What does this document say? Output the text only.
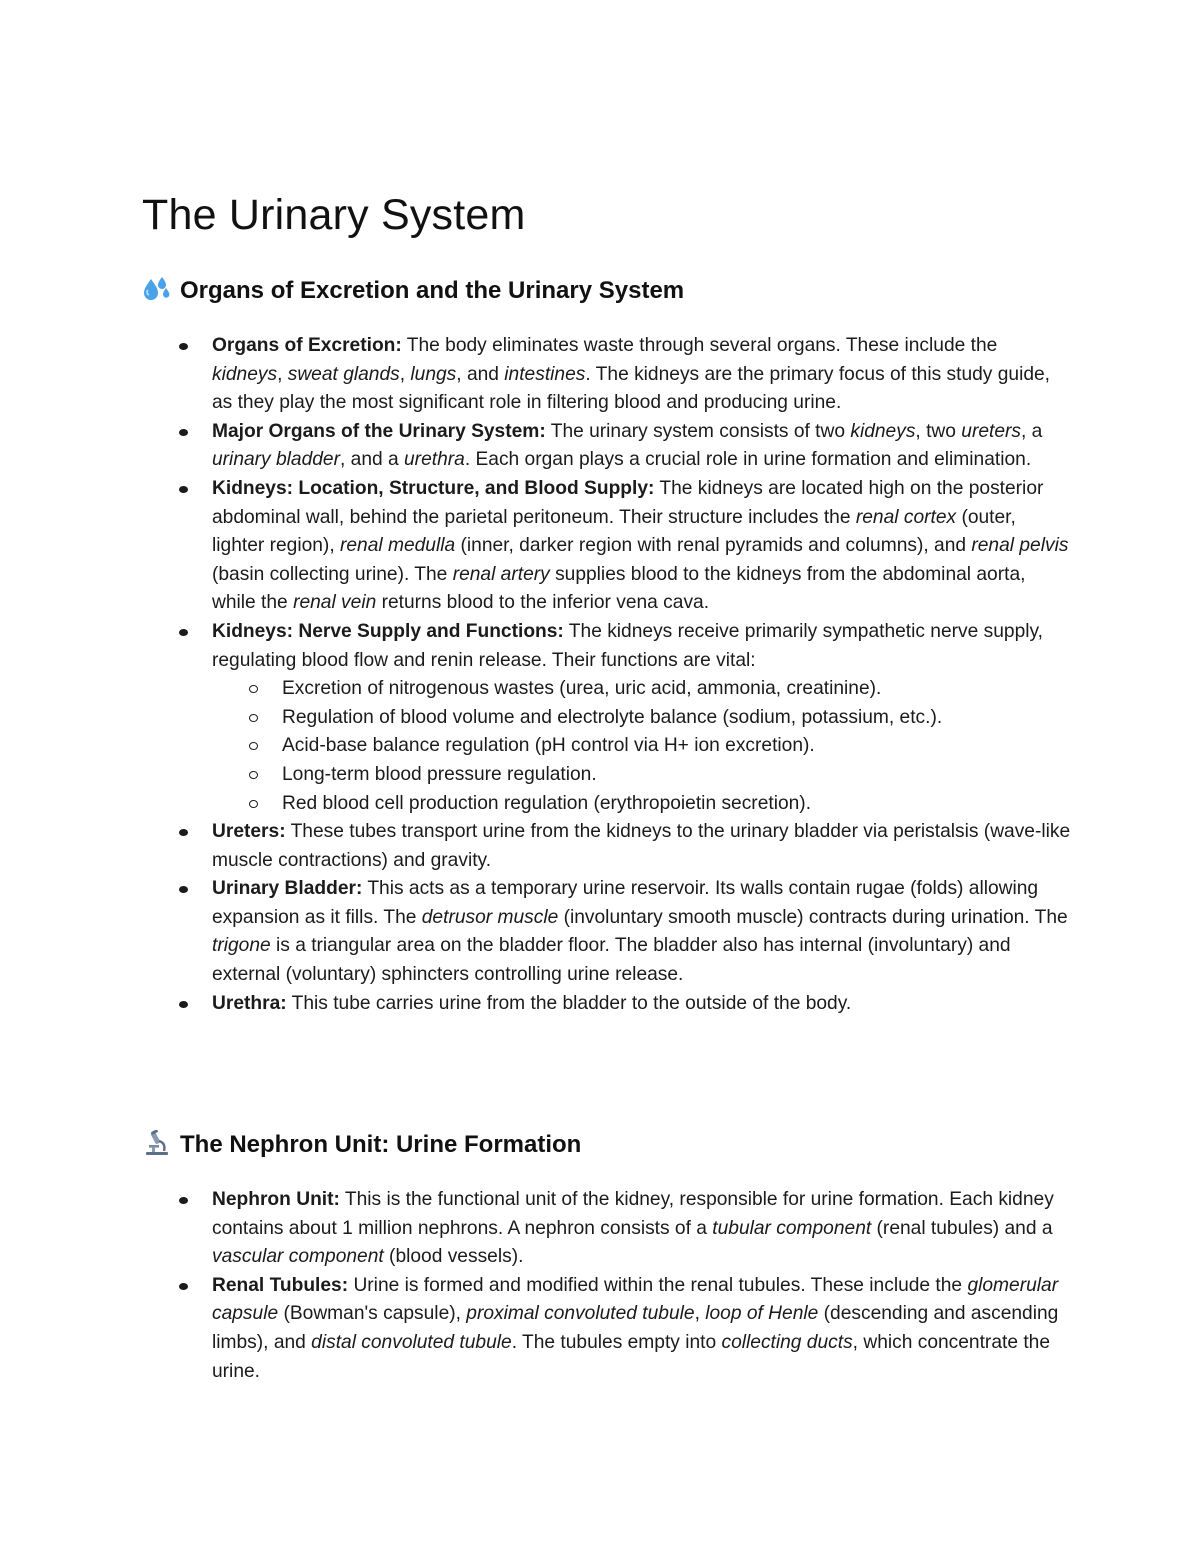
The Urinary System
Organs of Excretion and the Urinary System
Organs of Excretion: The body eliminates waste through several organs. These include the kidneys, sweat glands, lungs, and intestines. The kidneys are the primary focus of this study guide, as they play the most significant role in filtering blood and producing urine.
Major Organs of the Urinary System: The urinary system consists of two kidneys, two ureters, a urinary bladder, and a urethra. Each organ plays a crucial role in urine formation and elimination.
Kidneys: Location, Structure, and Blood Supply: The kidneys are located high on the posterior abdominal wall, behind the parietal peritoneum. Their structure includes the renal cortex (outer, lighter region), renal medulla (inner, darker region with renal pyramids and columns), and renal pelvis (basin collecting urine). The renal artery supplies blood to the kidneys from the abdominal aorta, while the renal vein returns blood to the inferior vena cava.
Kidneys: Nerve Supply and Functions: The kidneys receive primarily sympathetic nerve supply, regulating blood flow and renin release. Their functions are vital:
Excretion of nitrogenous wastes (urea, uric acid, ammonia, creatinine).
Regulation of blood volume and electrolyte balance (sodium, potassium, etc.).
Acid-base balance regulation (pH control via H+ ion excretion).
Long-term blood pressure regulation.
Red blood cell production regulation (erythropoietin secretion).
Ureters: These tubes transport urine from the kidneys to the urinary bladder via peristalsis (wave-like muscle contractions) and gravity.
Urinary Bladder: This acts as a temporary urine reservoir. Its walls contain rugae (folds) allowing expansion as it fills. The detrusor muscle (involuntary smooth muscle) contracts during urination. The trigone is a triangular area on the bladder floor. The bladder also has internal (involuntary) and external (voluntary) sphincters controlling urine release.
Urethra: This tube carries urine from the bladder to the outside of the body.
The Nephron Unit: Urine Formation
Nephron Unit: This is the functional unit of the kidney, responsible for urine formation. Each kidney contains about 1 million nephrons. A nephron consists of a tubular component (renal tubules) and a vascular component (blood vessels).
Renal Tubules: Urine is formed and modified within the renal tubules. These include the glomerular capsule (Bowman's capsule), proximal convoluted tubule, loop of Henle (descending and ascending limbs), and distal convoluted tubule. The tubules empty into collecting ducts, which concentrate the urine.
